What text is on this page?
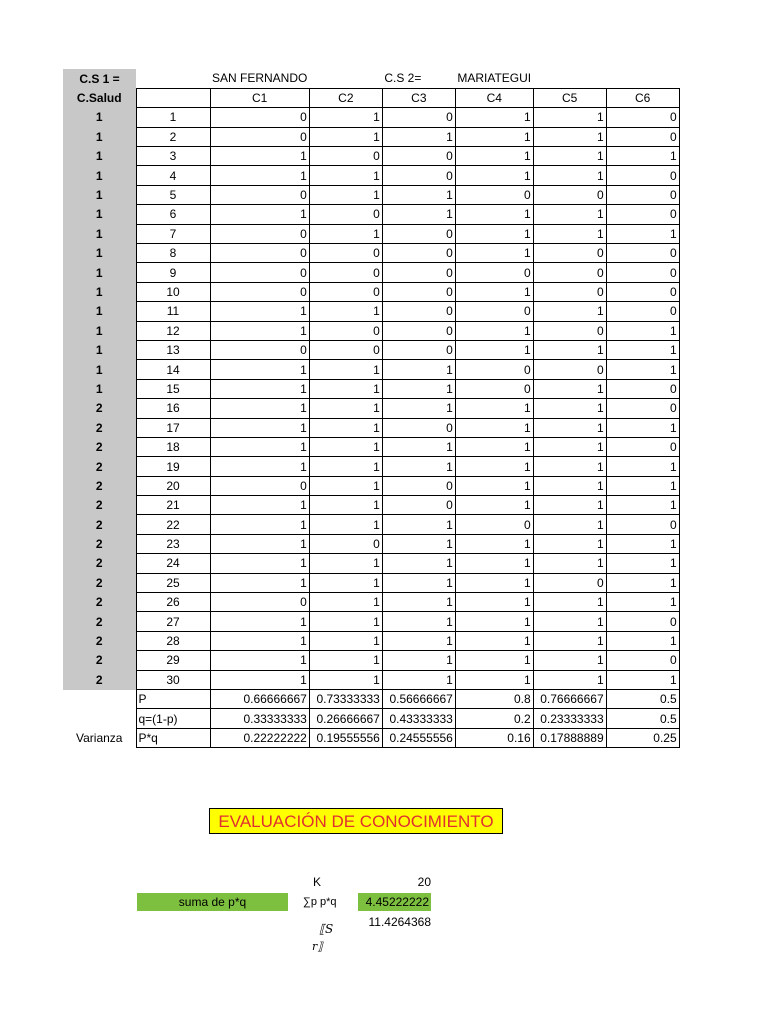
C.S 1 =		SAN FERNANDO		C.S 2=	MARIATEGUI		
C.Salud		C1	C2	C3	C4	C5	C6
1	1	0	1	0	1	1	0
1	2	0	1	1	1	1	0
1	3	1	0	0	1	1	1
1	4	1	1	0	1	1	0
1	5	0	1	1	0	0	0
1	6	1	0	1	1	1	0
1	7	0	1	0	1	1	1
1	8	0	0	0	1	0	0
1	9	0	0	0	0	0	0
1	10	0	0	0	1	0	0
1	11	1	1	0	0	1	0
1	12	1	0	0	1	0	1
1	13	0	0	0	1	1	1
1	14	1	1	1	0	0	1
1	15	1	1	1	0	1	0
2	16	1	1	1	1	1	0
2	17	1	1	0	1	1	1
2	18	1	1	1	1	1	0
2	19	1	1	1	1	1	1
2	20	0	1	0	1	1	1
2	21	1	1	0	1	1	1
2	22	1	1	1	0	1	0
2	23	1	0	1	1	1	1
2	24	1	1	1	1	1	1
2	25	1	1	1	1	0	1
2	26	0	1	1	1	1	1
2	27	1	1	1	1	1	0
2	28	1	1	1	1	1	1
2	29	1	1	1	1	1	0
2	30	1	1	1	1	1	1
	P	0.66666667	0.73333333	0.56666667	0.8	0.76666667	0.5
	q=(1-p)	0.33333333	0.26666667	0.43333333	0.2	0.23333333	0.5
Varianza	P*q	0.22222222	0.19555556	0.24555556	0.16	0.17888889	0.25
EVALUACIÓN DE CONOCIMIENTO
K	20
suma de p*q	∑p p*q	4.45222222
11.4264368
⟦S
r⟧
